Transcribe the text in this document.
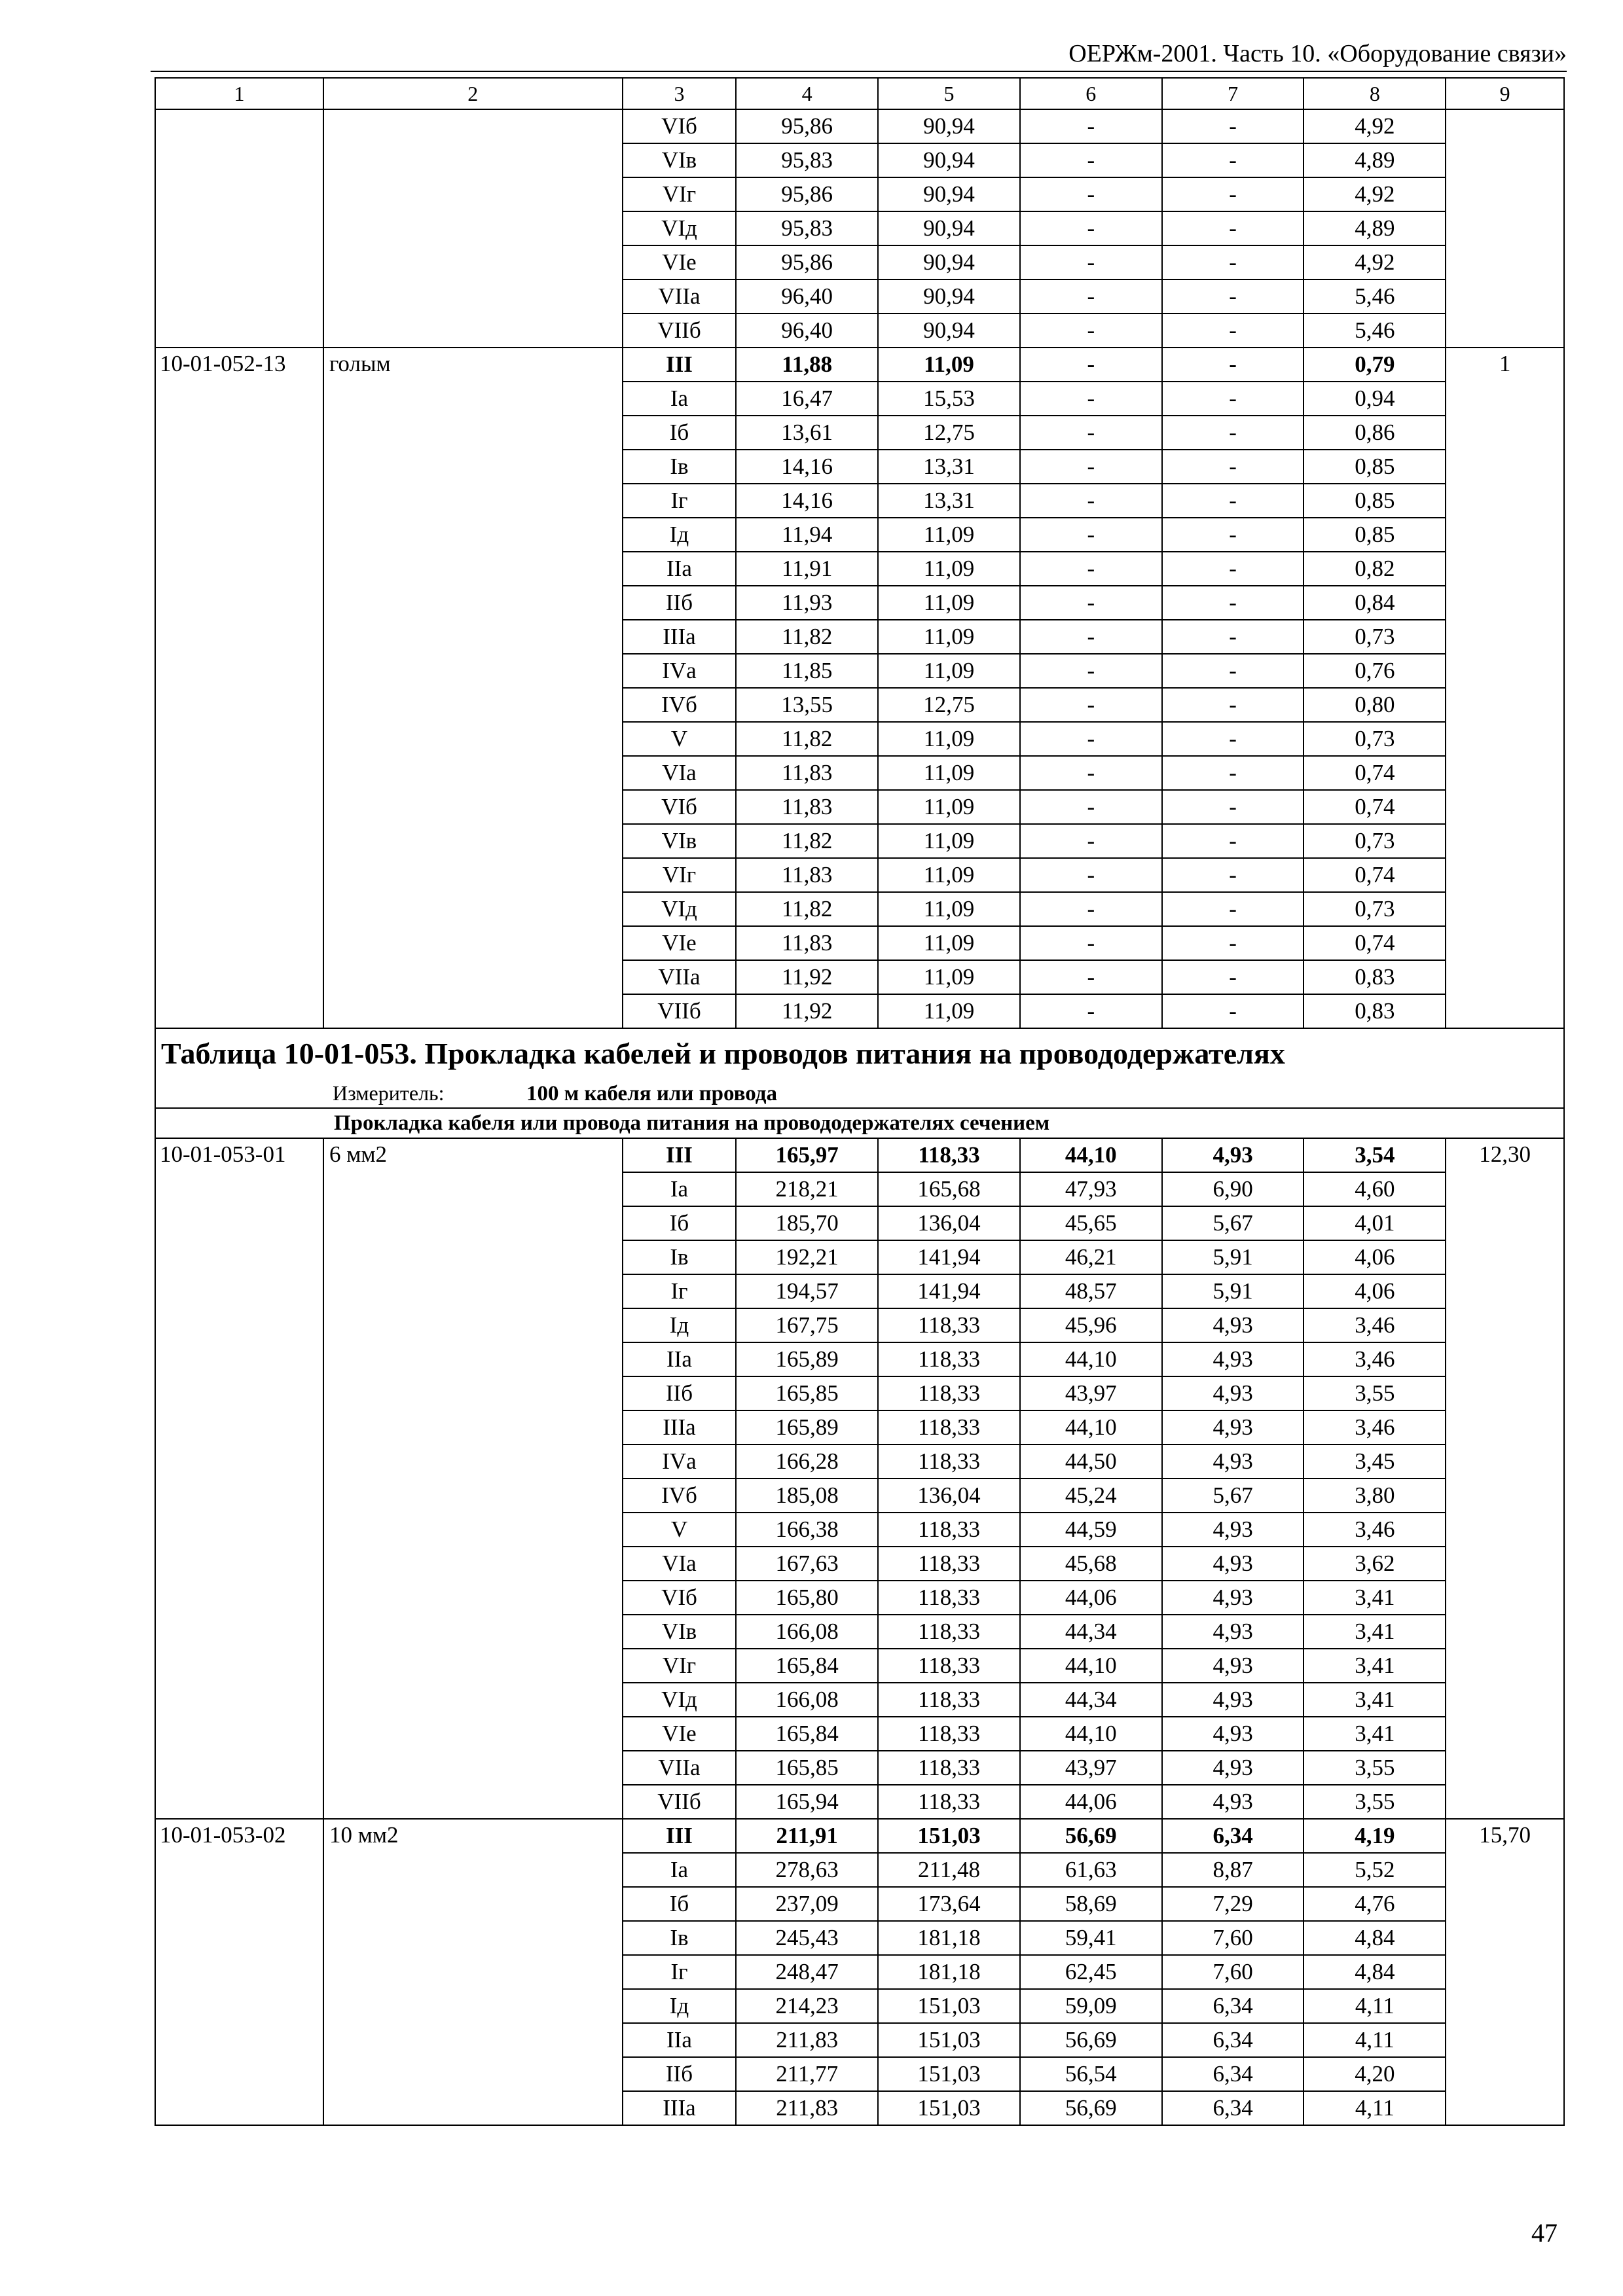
ОЕРЖм-2001. Часть 10. «Оборудование связи»
1	2	3	4	5	6	7	8	9
		VIб	95,86	90,94	-	-	4,92	
		VIв	95,83	90,94	-	-	4,89	
		VIг	95,86	90,94	-	-	4,92	
		VIд	95,83	90,94	-	-	4,89	
		VIе	95,86	90,94	-	-	4,92	
		VIIа	96,40	90,94	-	-	5,46	
		VIIб	96,40	90,94	-	-	5,46	
10-01-052-13	голым	III	11,88	11,09	-	-	0,79	1
		Iа	16,47	15,53	-	-	0,94	
		Iб	13,61	12,75	-	-	0,86	
		Iв	14,16	13,31	-	-	0,85	
		Iг	14,16	13,31	-	-	0,85	
		Iд	11,94	11,09	-	-	0,85	
		IIа	11,91	11,09	-	-	0,82	
		IIб	11,93	11,09	-	-	0,84	
		IIIа	11,82	11,09	-	-	0,73	
		IVа	11,85	11,09	-	-	0,76	
		IVб	13,55	12,75	-	-	0,80	
		V	11,82	11,09	-	-	0,73	
		VIа	11,83	11,09	-	-	0,74	
		VIб	11,83	11,09	-	-	0,74	
		VIв	11,82	11,09	-	-	0,73	
		VIг	11,83	11,09	-	-	0,74	
		VIд	11,82	11,09	-	-	0,73	
		VIе	11,83	11,09	-	-	0,74	
		VIIа	11,92	11,09	-	-	0,83	
		VIIб	11,92	11,09	-	-	0,83	
Таблица 10-01-053. Прокладка кабелей и проводов питания на провододержателях								
Измеритель: 100 м кабеля или провода								
Прокладка кабеля или провода питания на провододержателях сечением								
10-01-053-01	6 мм2	III	165,97	118,33	44,10	4,93	3,54	12,30
		Iа	218,21	165,68	47,93	6,90	4,60	
		Iб	185,70	136,04	45,65	5,67	4,01	
		Iв	192,21	141,94	46,21	5,91	4,06	
		Iг	194,57	141,94	48,57	5,91	4,06	
		Iд	167,75	118,33	45,96	4,93	3,46	
		IIа	165,89	118,33	44,10	4,93	3,46	
		IIб	165,85	118,33	43,97	4,93	3,55	
		IIIа	165,89	118,33	44,10	4,93	3,46	
		IVа	166,28	118,33	44,50	4,93	3,45	
		IVб	185,08	136,04	45,24	5,67	3,80	
		V	166,38	118,33	44,59	4,93	3,46	
		VIа	167,63	118,33	45,68	4,93	3,62	
		VIб	165,80	118,33	44,06	4,93	3,41	
		VIв	166,08	118,33	44,34	4,93	3,41	
		VIг	165,84	118,33	44,10	4,93	3,41	
		VIд	166,08	118,33	44,34	4,93	3,41	
		VIе	165,84	118,33	44,10	4,93	3,41	
		VIIа	165,85	118,33	43,97	4,93	3,55	
		VIIб	165,94	118,33	44,06	4,93	3,55	
10-01-053-02	10 мм2	III	211,91	151,03	56,69	6,34	4,19	15,70
		Iа	278,63	211,48	61,63	8,87	5,52	
		Iб	237,09	173,64	58,69	7,29	4,76	
		Iв	245,43	181,18	59,41	7,60	4,84	
		Iг	248,47	181,18	62,45	7,60	4,84	
		Iд	214,23	151,03	59,09	6,34	4,11	
		IIа	211,83	151,03	56,69	6,34	4,11	
		IIб	211,77	151,03	56,54	6,34	4,20	
		IIIа	211,83	151,03	56,69	6,34	4,11	
47
